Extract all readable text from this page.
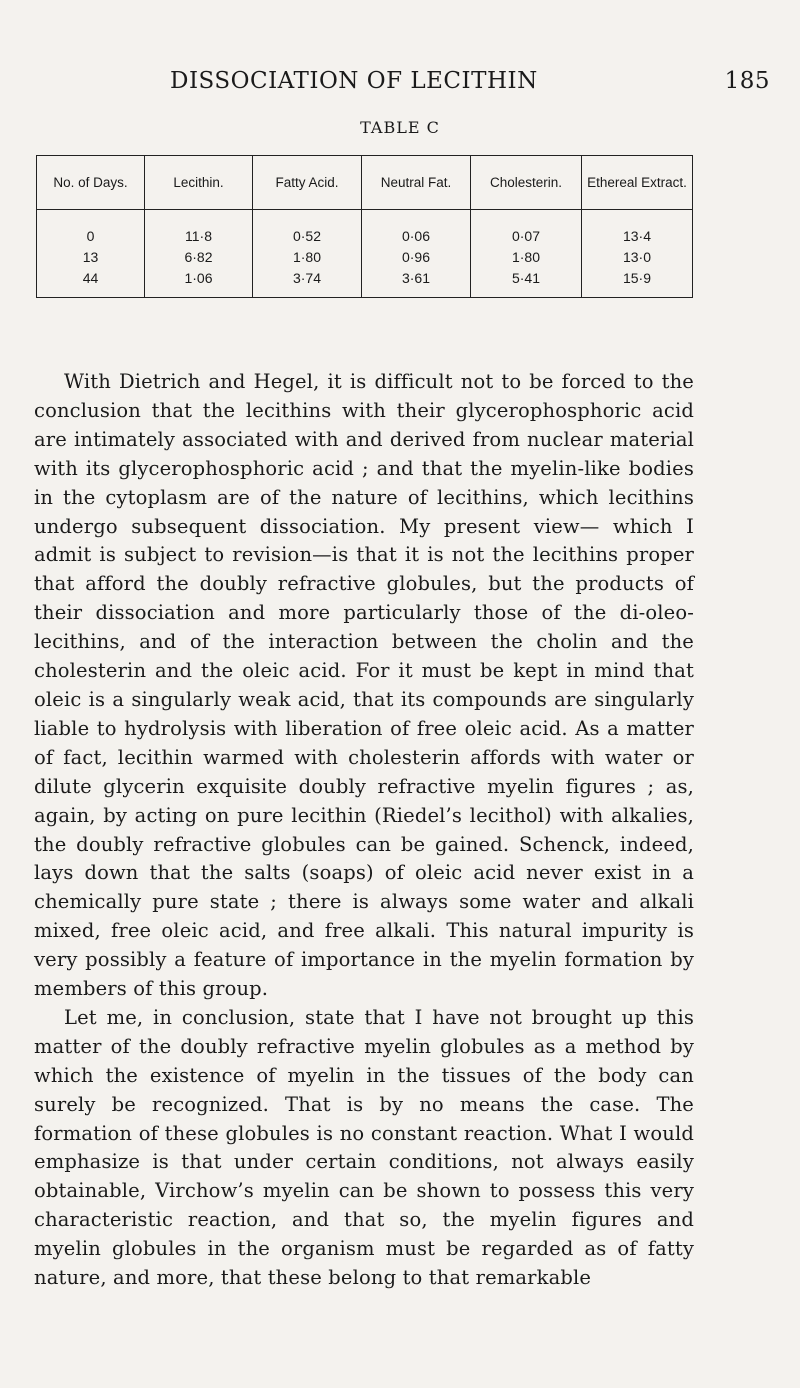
DISSOCIATION OF LECITHIN	185
TABLE C
No. of Days.	Lecithin.	Fatty Acid.	Neutral Fat.	Cholesterin.	Ethereal Extract.
0	11·8	0·52	0·06	0·07	13·4
13	6·82	1·80	0·96	1·80	13·0
44	1·06	3·74	3·61	5·41	15·9

With Dietrich and Hegel, it is difficult not to be forced to the conclusion that the lecithins with their glycerophosphoric acid are intimately associated with and derived from nuclear material with its glycerophosphoric acid ; and that the myelin-like bodies in the cytoplasm are of the nature of lecithins, which lecithins undergo subsequent dissociation. My present view— which I admit is subject to revision—is that it is not the lecithins proper that afford the doubly refractive globules, but the products of their dissociation and more particularly those of the di-oleo-lecithins, and of the interaction between the cholin and the cholesterin and the oleic acid. For it must be kept in mind that oleic is a singularly weak acid, that its compounds are singularly liable to hydrolysis with liberation of free oleic acid. As a matter of fact, lecithin warmed with cholesterin affords with water or dilute glycerin exquisite doubly refractive myelin figures ; as, again, by acting on pure lecithin (Riedel’s lecithol) with alkalies, the doubly refractive globules can be gained. Schenck, indeed, lays down that the salts (soaps) of oleic acid never exist in a chemically pure state ; there is always some water and alkali mixed, free oleic acid, and free alkali. This natural impurity is very possibly a feature of importance in the myelin formation by members of this group.

Let me, in conclusion, state that I have not brought up this matter of the doubly refractive myelin globules as a method by which the existence of myelin in the tissues of the body can surely be recognized. That is by no means the case. The formation of these globules is no constant reaction. What I would emphasize is that under certain conditions, not always easily obtainable, Virchow’s myelin can be shown to possess this very characteristic reaction, and that so, the myelin figures and myelin globules in the organism must be regarded as of fatty nature, and more, that these belong to that remarkable
